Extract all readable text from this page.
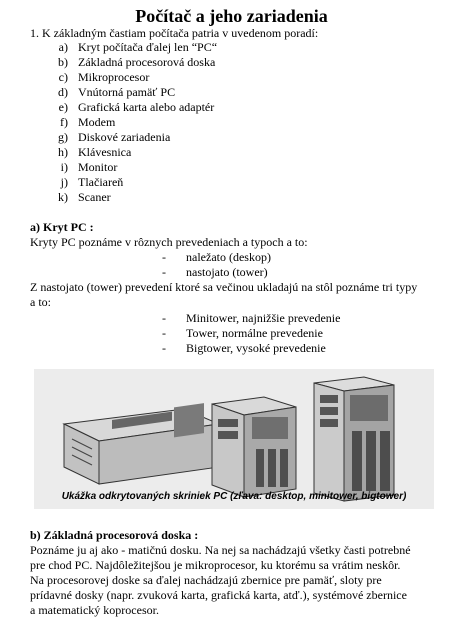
Počítač a jeho zariadenia
1. K základným častiam počítača patria v uvedenom poradí:
a) Kryt počítača ďalej len “PC“
b) Základná procesorová doska
c) Mikroprocesor
d) Vnútorná pamäť PC
e) Grafická karta alebo adaptér
f) Modem
g) Diskové zariadenia
h) Klávesnica
i) Monitor
j) Tlačiareň
k) Scaner
a) Kryt PC :
Kryty PC poznáme v rôznych prevedeniach a typoch a to:
- naležato (deskop)
- nastojato (tower)
Z nastojato (tower) prevedení ktoré sa večinou ukladajú na stôl poznáme tri typy
a to:
- Minitower, najnižšie prevedenie
- Tower, normálne prevedenie
- Bigtower, vysoké prevedenie
Ukážka odkrytovaných skriniek PC (zľava: desktop, minitower, bigtower)
b) Základná procesorová doska :
Poznáme ju aj ako - matičnú dosku. Na nej sa nachádzajú všetky časti potrebné
pre chod PC. Najdôležitejšou je mikroprocesor, ku ktorému sa vrátim neskôr.
Na procesorovej doske sa ďalej nachádzajú zbernice pre pamäť, sloty pre
prídavné dosky (napr. zvuková karta, grafická karta, atď.), systémové zbernice
a matematický koprocesor.
